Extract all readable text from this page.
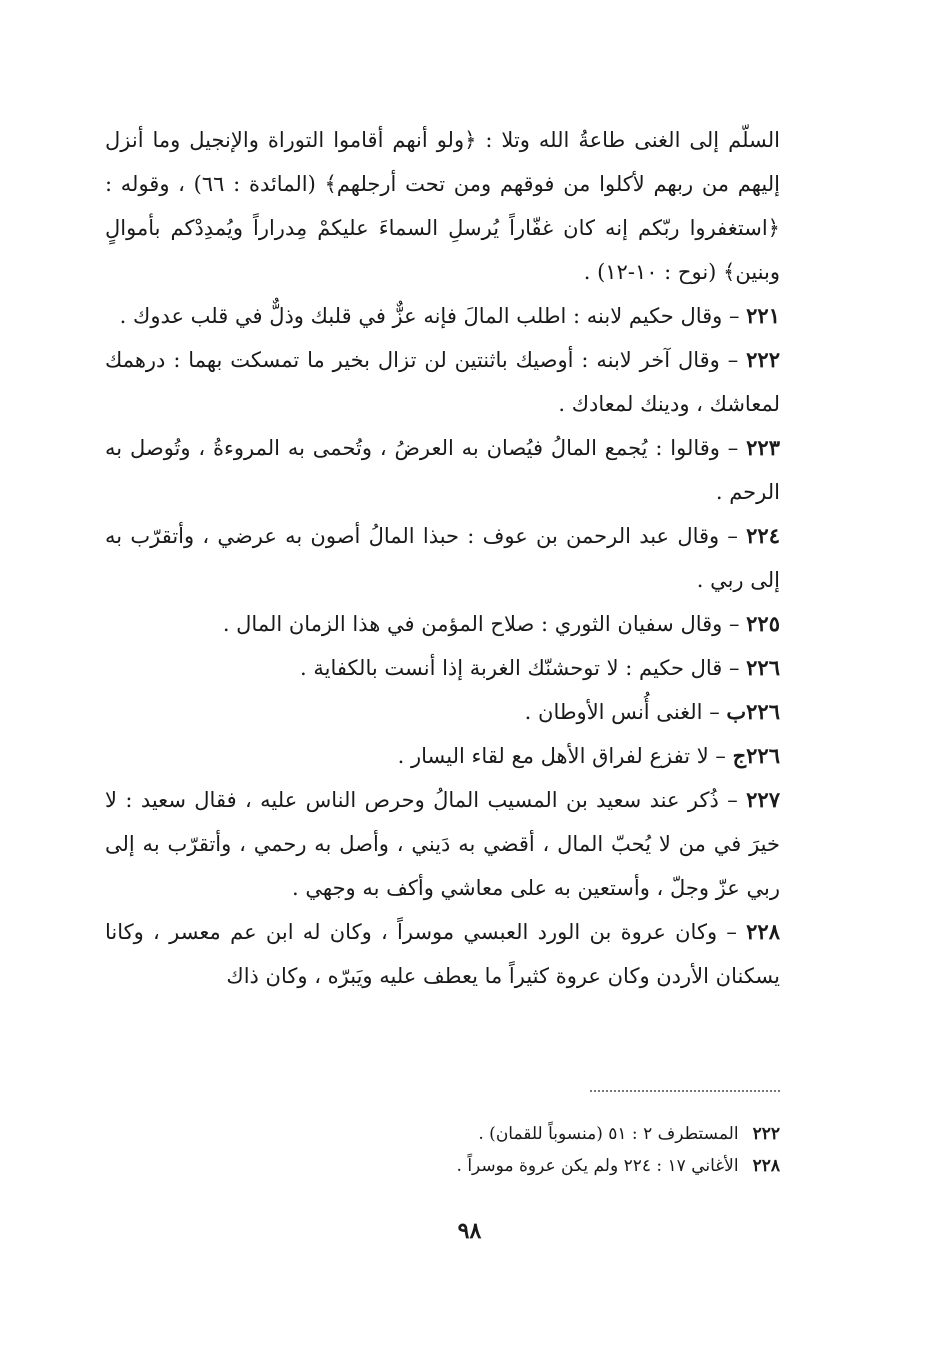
السلّم إلى الغنى طاعةُ الله وتلا : ﴿ولو أنهم أقاموا التوراة والإنجيل وما أنزل إليهم من ربهم لأكلوا من فوقهم ومن تحت أرجلهم﴾ (المائدة : ٦٦) ، وقوله : ﴿استغفروا ربّكم إنه كان غفّاراً يُرسلِ السماءَ عليكمْ مِدراراً ويُمدِدْكم بأموالٍ وبنين﴾ (نوح : ١٠-١٢) .

٢٢١ – وقال حكيم لابنه : اطلب المالَ فإنه عزٌّ في قلبك وذلٌّ في قلب عدوك .

٢٢٢ – وقال آخر لابنه : أوصيك باثنتين لن تزال بخير ما تمسكت بهما : درهمك لمعاشك ، ودينك لمعادك .

٢٢٣ – وقالوا : يُجمع المالُ فيُصان به العرضُ ، وتُحمى به المروءةُ ، وتُوصل به الرحم .

٢٢٤ – وقال عبد الرحمن بن عوف : حبذا المالُ أصون به عرضي ، وأتقرّب به إلى ربي .

٢٢٥ – وقال سفيان الثوري : صلاح المؤمن في هذا الزمان المال .

٢٢٦ – قال حكيم : لا توحشنّك الغربة إذا أنست بالكفاية .

٢٢٦ب – الغنى أُنس الأوطان .

٢٢٦ج – لا تفزع لفراق الأهل مع لقاء اليسار .

٢٢٧ – ذُكر عند سعيد بن المسيب المالُ وحرص الناس عليه ، فقال سعيد : لا خيرَ في من لا يُحبّ المال ، أقضي به دَيني ، وأصل به رحمي ، وأتقرّب به إلى ربي عزّ وجلّ ، وأستعين به على معاشي وأكف به وجهي .

٢٢٨ – وكان عروة بن الورد العبسي موسراً ، وكان له ابن عم معسر ، وكانا يسكنان الأردن وكان عروة كثيراً ما يعطف عليه ويَبرّه ، وكان ذاك

٢٢٢المستطرف ٢ : ٥١ (منسوباً للقمان) .
٢٢٨الأغاني ١٧ : ٢٢٤ ولم يكن عروة موسراً .
٩٨
